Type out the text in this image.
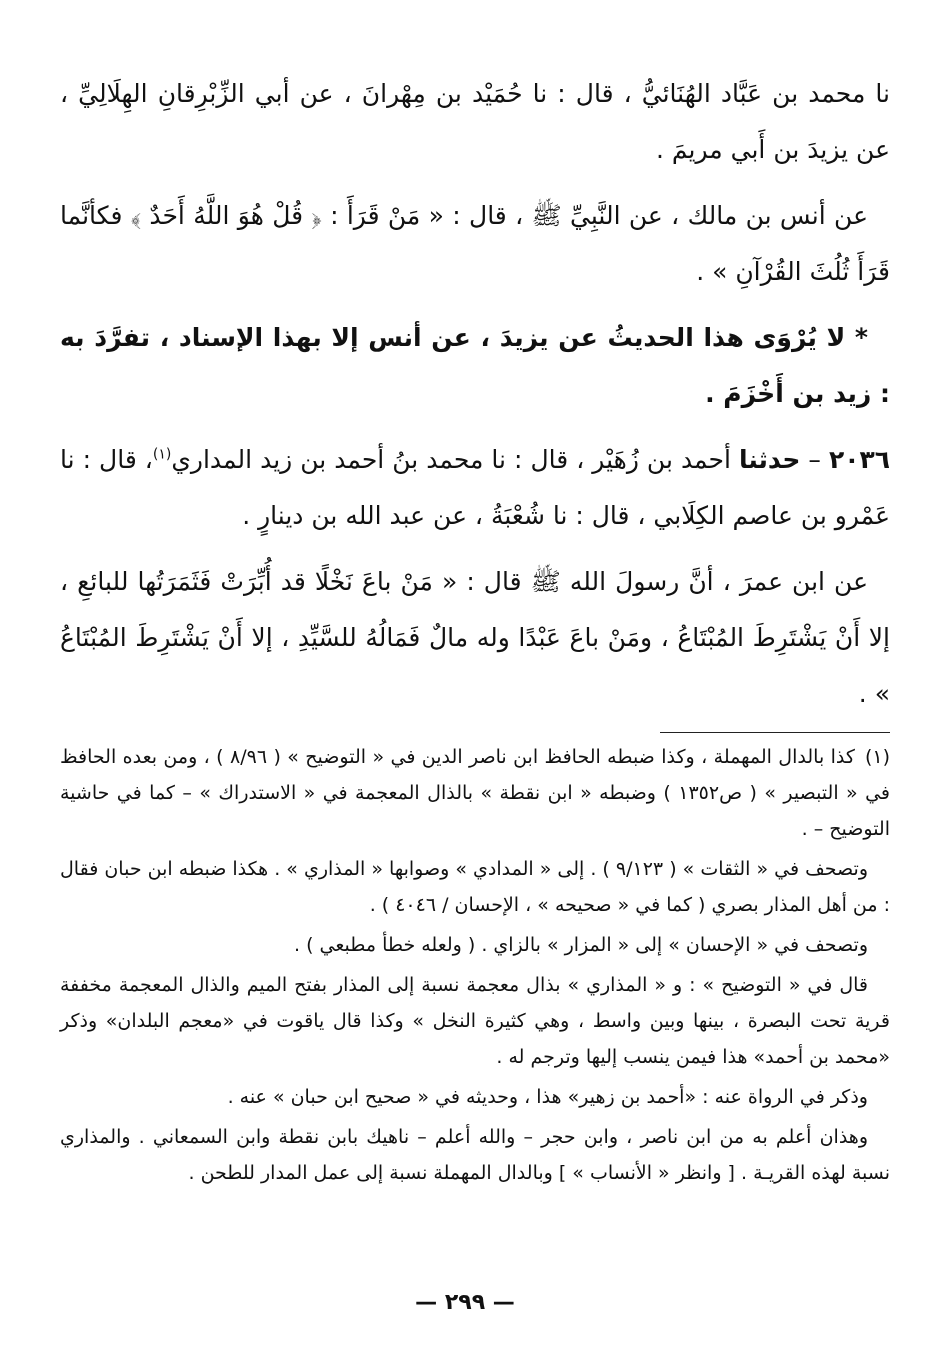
نا محمد بن عَبَّاد الهُنَائيُّ ، قال : نا حُمَيْد بن مِهْرانَ ، عن أبي الزِّبْرِقانِ الهِلَالِيِّ ، عن يزيدَ بن أَبي مريمَ .

عن أنس بن مالك ، عن النَّبِيِّ ﷺ ، قال : « مَنْ قَرَأَ : ﴿ قُلْ هُوَ اللَّهُ أَحَدٌ ﴾ فكأنَّما قَرَأَ ثُلُثَ القُرْآنِ » .

* لا يُرْوَى هذا الحديثُ عن يزيدَ ، عن أنس إلا بهذا الإسناد ، تفرَّدَ به : زيد بن أَخْزَمَ .

٢٠٣٦ – حدثنا أحمد بن زُهَيْر ، قال : نا محمد بنُ أحمد بن زيد المداري$^{(١)}$، قال : نا عَمْرو بن عاصم الكِلَابي ، قال : نا شُعْبَةُ ، عن عبد الله بن دينارٍ .

عن ابن عمرَ ، أنَّ رسولَ الله ﷺ قال : « مَنْ باعَ نَخْلًا قد أُبِّرَتْ فَثَمَرَتُها للبائعِ ، إلا أَنْ يَشْتَرِطَ المُبْتَاعُ ، ومَنْ باعَ عَبْدًا وله مالٌ فَمَالُهُ للسَّيِّدِ ، إلا أَنْ يَشْتَرِطَ المُبْتَاعُ » .

(١)كذا بالدال المهملة ، وكذا ضبطه الحافظ ابن ناصر الدين في « التوضيح » ( ٨/٩٦ ) ، ومن بعده الحافظ في « التبصير » ( ص١٣٥٢ ) وضبطه « ابن نقطة » بالذال المعجمة في « الاستدراك » – كما في حاشية التوضيح – .

وتصحف في « الثقات » ( ٩/١٢٣ ) . إلى « المدادي » وصوابها « المذاري » . هكذا ضبطه ابن حبان فقال : من أهل المذار بصري ( كما في « صحيحه » ، الإحسان / ٤٠٤٦ ) .

وتصحف في « الإحسان » إلى « المزار » بالزاي . ( ولعله خطأ مطبعي ) .

قال في « التوضيح » : و « المذاري » بذال معجمة نسبة إلى المذار بفتح الميم والذال المعجمة مخففة قرية تحت البصرة ، بينها وبين واسط ، وهي كثيرة النخل » وكذا قال ياقوت في «معجم البلدان» وذكر «محمد بن أحمد» هذا فيمن ينسب إليها وترجم له .

وذكر في الرواة عنه : «أحمد بن زهير» هذا ، وحديثه في « صحيح ابن حبان » عنه .

وهذان أعلم به من ابن ناصر ، وابن حجر – والله أعلم – ناهيك بابن نقطة وابن السمعاني . والمذاري نسبة لهذه القريـة . [ وانظر « الأنساب » ] وبالدال المهملة نسبة إلى عمل المدار للطحن .

— ٢٩٩ —
